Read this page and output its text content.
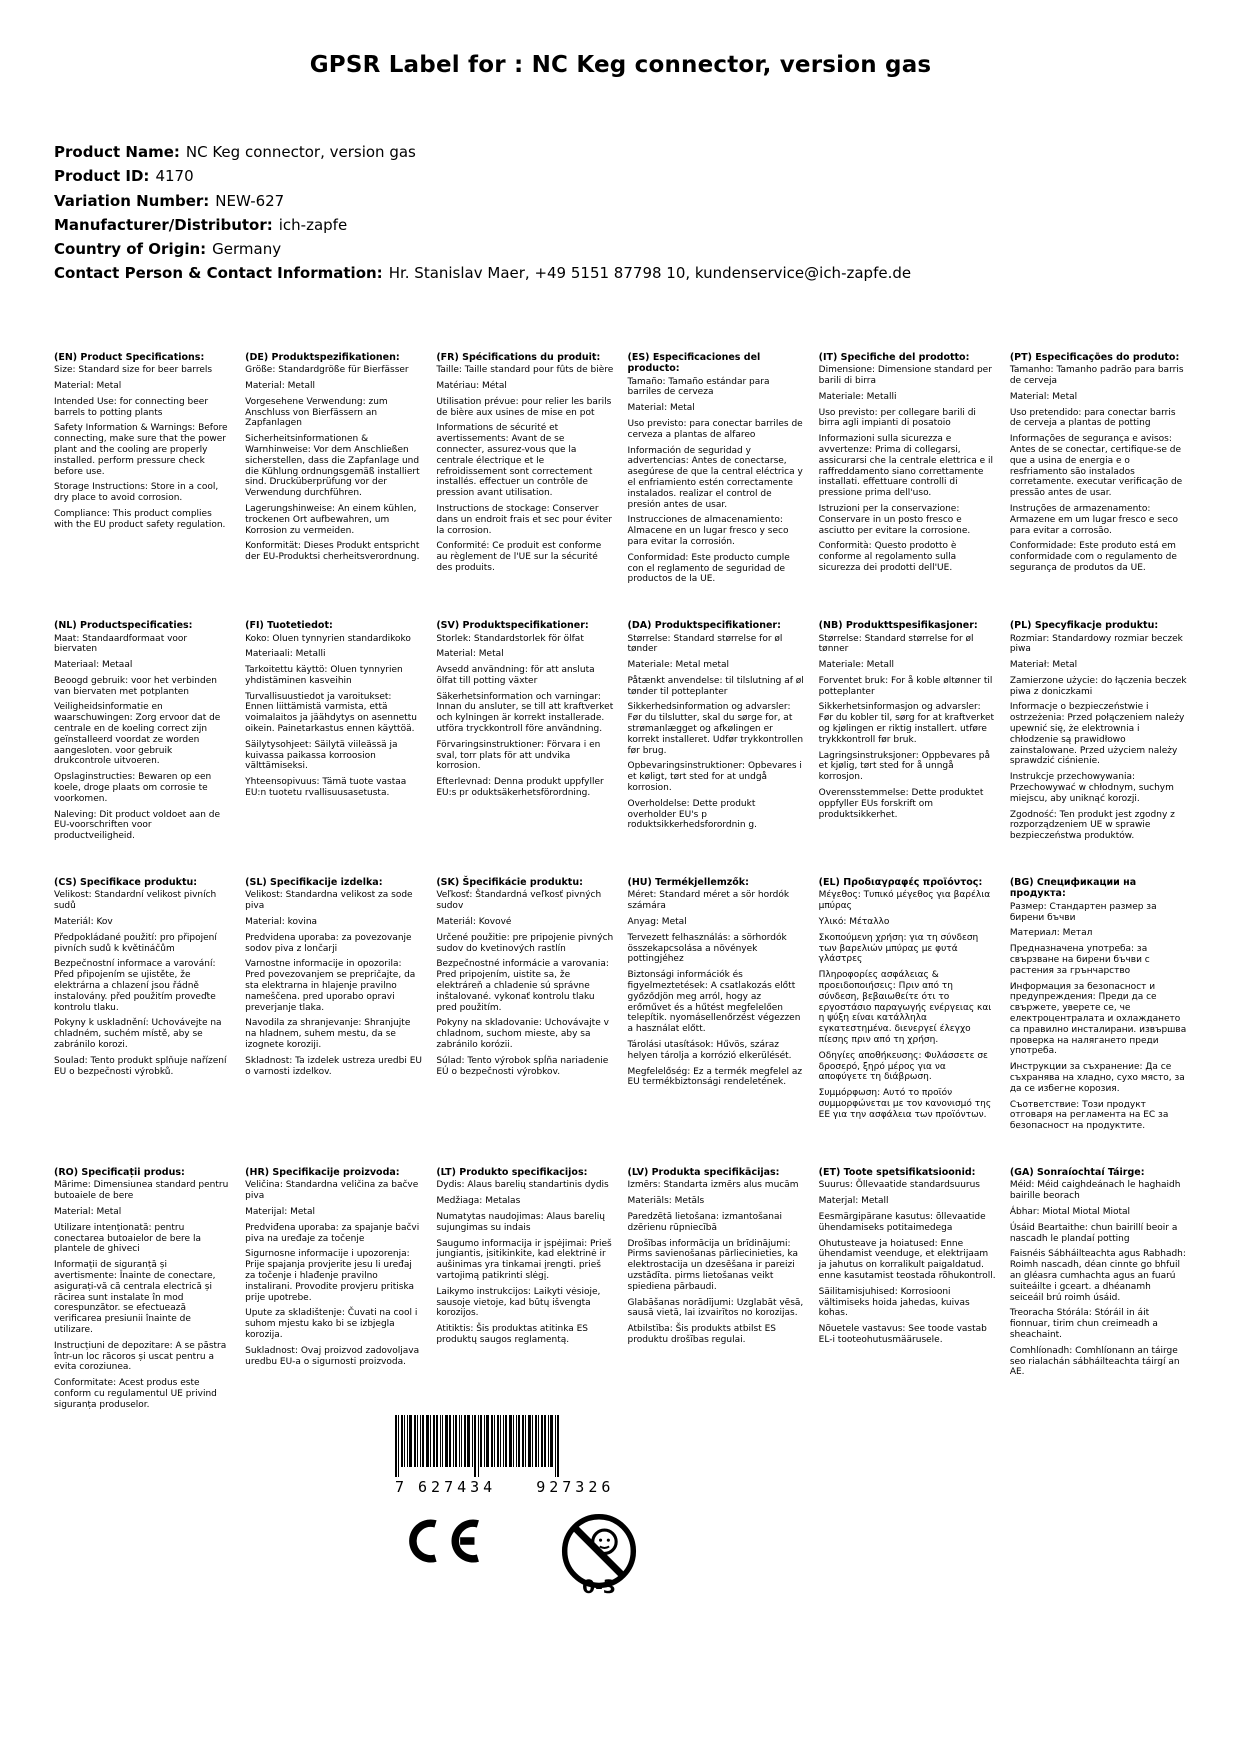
GPSR Label for : NC Keg connector, version gas
Product Name: NC Keg connector, version gas
Product ID: 4170
Variation Number: NEW-627
Manufacturer/Distributor: ich-zapfe
Country of Origin: Germany
Contact Person & Contact Information: Hr. Stanislav Maer, +49 5151 87798 10, kundenservice@ich-zapfe.de
(EN) Product Specifications:

Size: Standard size for beer barrels

Material: Metal

Intended Use: for connecting beer barrels to potting plants

Safety Information & Warnings: Before connecting, make sure that the power plant and the cooling are properly installed. perform pressure check before use.

Storage Instructions: Store in a cool, dry place to avoid corrosion.

Compliance: This product complies with the EU product safety regulation.

(DE) Produktspezifikationen:

Größe: Standardgröße für Bierfässer

Material: Metall

Vorgesehene Verwendung: zum Anschluss von Bierfässern an Zapfanlagen

Sicherheitsinformationen & Warnhinweise: Vor dem Anschließen sicherstellen, dass die Zapfanlage und die Kühlung ordnungsgemäß installiert sind. Drucküberprüfung vor der Verwendung durchführen.

Lagerungshinweise: An einem kühlen, trockenen Ort aufbewahren, um Korrosion zu vermeiden.

Konformität: Dieses Produkt entspricht der EU-Produktsi cherheitsverordnung.

(FR) Spécifications du produit:

Taille: Taille standard pour fûts de bière

Matériau: Métal

Utilisation prévue: pour relier les barils de bière aux usines de mise en pot

Informations de sécurité et avertissements: Avant de se connecter, assurez-vous que la centrale électrique et le refroidissement sont correctement installés. effectuer un contrôle de pression avant utilisation.

Instructions de stockage: Conserver dans un endroit frais et sec pour éviter la corrosion.

Conformité: Ce produit est conforme au règlement de l'UE sur la sécurité des produits.

(ES) Especificaciones del producto:

Tamaño: Tamaño estándar para barriles de cerveza

Material: Metal

Uso previsto: para conectar barriles de cerveza a plantas de alfareo

Información de seguridad y advertencias: Antes de conectarse, asegúrese de que la central eléctrica y el enfriamiento estén correctamente instalados. realizar el control de presión antes de usar.

Instrucciones de almacenamiento: Almacene en un lugar fresco y seco para evitar la corrosión.

Conformidad: Este producto cumple con el reglamento de seguridad de productos de la UE.

(IT) Specifiche del prodotto:

Dimensione: Dimensione standard per barili di birra

Materiale: Metalli

Uso previsto: per collegare barili di birra agli impianti di posatoio

Informazioni sulla sicurezza e avvertenze: Prima di collegarsi, assicurarsi che la centrale elettrica e il raffreddamento siano correttamente installati. effettuare controlli di pressione prima dell'uso.

Istruzioni per la conservazione: Conservare in un posto fresco e asciutto per evitare la corrosione.

Conformità: Questo prodotto è conforme al regolamento sulla sicurezza dei prodotti dell'UE.

(PT) Especificações do produto:

Tamanho: Tamanho padrão para barris de cerveja

Material: Metal

Uso pretendido: para conectar barris de cerveja a plantas de potting

Informações de segurança e avisos: Antes de se conectar, certifique-se de que a usina de energia e o resfriamento são instalados corretamente. executar verificação de pressão antes de usar.

Instruções de armazenamento: Armazene em um lugar fresco e seco para evitar a corrosão.

Conformidade: Este produto está em conformidade com o regulamento de segurança de produtos da UE.

(NL) Productspecificaties:

Maat: Standaardformaat voor biervaten

Materiaal: Metaal

Beoogd gebruik: voor het verbinden van biervaten met potplanten

Veiligheidsinformatie en waarschuwingen: Zorg ervoor dat de centrale en de koeling correct zijn geïnstalleerd voordat ze worden aangesloten. voor gebruik drukcontrole uitvoeren.

Opslaginstructies: Bewaren op een koele, droge plaats om corrosie te voorkomen.

Naleving: Dit product voldoet aan de EU-voorschriften voor productveiligheid.

(FI) Tuotetiedot:

Koko: Oluen tynnyrien standardikoko

Materiaali: Metalli

Tarkoitettu käyttö: Oluen tynnyrien yhdistäminen kasveihin

Turvallisuustiedot ja varoitukset: Ennen liittämistä varmista, että voimalaitos ja jäähdytys on asennettu oikein. Painetarkastus ennen käyttöä.

Säilytysohjeet: Säilytä viileässä ja kuivassa paikassa korroosion välttämiseksi.

Yhteensopivuus: Tämä tuote vastaa EU:n tuotetu rvallisuusasetusta.

(SV) Produktspecifikationer:

Storlek: Standardstorlek för ölfat

Material: Metal

Avsedd användning: för att ansluta ölfat till potting växter

Säkerhetsinformation och varningar: Innan du ansluter, se till att kraftverket och kylningen är korrekt installerade. utföra tryckkontroll före användning.

Förvaringsinstruktioner: Förvara i en sval, torr plats för att undvika korrosion.

Efterlevnad: Denna produkt uppfyller EU:s pr oduktsäkerhetsförordning.

(DA) Produktspecifikationer:

Størrelse: Standard størrelse for øl tønder

Materiale: Metal metal

Påtænkt anvendelse: til tilslutning af øl tønder til potteplanter

Sikkerhedsinformation og advarsler: Før du tilslutter, skal du sørge for, at strømanlægget og afkølingen er korrekt installeret. Udfør trykkontrollen før brug.

Opbevaringsinstruktioner: Opbevares i et køligt, tørt sted for at undgå korrosion.

Overholdelse: Dette produkt overholder EU's p roduktsikkerhedsforordnin g.

(NB) Produkttspesifikasjoner:

Størrelse: Standard størrelse for øl tønner

Materiale: Metall

Forventet bruk: For å koble øltønner til potteplanter

Sikkerhetsinformasjon og advarsler: Før du kobler til, sørg for at kraftverket og kjølingen er riktig installert. utføre trykkkontroll før bruk.

Lagringsinstruksjoner: Oppbevares på et kjølig, tørt sted for å unngå korrosjon.

Overensstemmelse: Dette produktet oppfyller EUs forskrift om produktsikkerhet.

(PL) Specyfikacje produktu:

Rozmiar: Standardowy rozmiar beczek piwa

Materiał: Metal

Zamierzone użycie: do łączenia beczek piwa z doniczkami

Informacje o bezpieczeństwie i ostrzeżenia: Przed połączeniem należy upewnić się, że elektrownia i chłodzenie są prawidłowo zainstalowane. Przed użyciem należy sprawdzić ciśnienie.

Instrukcje przechowywania: Przechowywać w chłodnym, suchym miejscu, aby uniknąć korozji.

Zgodność: Ten produkt jest zgodny z rozporządzeniem UE w sprawie bezpieczeństwa produktów.

(CS) Specifikace produktu:

Velikost: Standardní velikost pivních sudů

Materiál: Kov

Předpokládané použití: pro připojení pivních sudů k květináčům

Bezpečnostní informace a varování: Před připojením se ujistěte, že elektrárna a chlazení jsou řádně instalovány. před použitím proveďte kontrolu tlaku.

Pokyny k uskladnění: Uchovávejte na chladném, suchém místě, aby se zabránilo korozi.

Soulad: Tento produkt splňuje nařízení EU o bezpečnosti výrobků.

(SL) Specifikacije izdelka:

Velikost: Standardna velikost za sode piva

Material: kovina

Predvidena uporaba: za povezovanje sodov piva z lončarji

Varnostne informacije in opozorila: Pred povezovanjem se prepričajte, da sta elektrarna in hlajenje pravilno nameščena. pred uporabo opravi preverjanje tlaka.

Navodila za shranjevanje: Shranjujte na hladnem, suhem mestu, da se izognete koroziji.

Skladnost: Ta izdelek ustreza uredbi EU o varnosti izdelkov.

(SK) Špecifikácie produktu:

Veľkosť: Štandardná veľkosť pivných sudov

Materiál: Kovové

Určené použitie: pre pripojenie pivných sudov do kvetinových rastlín

Bezpečnostné informácie a varovania: Pred pripojením, uistite sa, že elektráreň a chladenie sú správne inštalované. vykonať kontrolu tlaku pred použitím.

Pokyny na skladovanie: Uchovávajte v chladnom, suchom mieste, aby sa zabránilo korózii.

Súlad: Tento výrobok spĺňa nariadenie EÚ o bezpečnosti výrobkov.

(HU) Termékjellemzők:

Méret: Standard méret a sör hordók számára

Anyag: Metal

Tervezett felhasználás: a sörhordók összekapcsolása a növények pottingjéhez

Biztonsági információk és figyelmeztetések: A csatlakozás előtt győződjön meg arról, hogy az erőművet és a hűtést megfelelően telepítik. nyomásellenőrzést végezzen a használat előtt.

Tárolási utasítások: Hűvös, száraz helyen tárolja a korrózió elkerülését.

Megfelelőség: Ez a termék megfelel az EU termékbiztonsági rendeletének.

(EL) Προδιαγραφές προϊόντος:

Μέγεθος: Τυπικό μέγεθος για βαρέλια μπύρας

Υλικό: Μέταλλο

Σκοπούμενη χρήση: για τη σύνδεση των βαρελιών μπύρας με φυτά γλάστρες

Πληροφορίες ασφάλειας & προειδοποιήσεις: Πριν από τη σύνδεση, βεβαιωθείτε ότι το εργοστάσιο παραγωγής ενέργειας και η ψύξη είναι κατάλληλα εγκατεστημένα. διενεργεί έλεγχο πίεσης πριν από τη χρήση.

Οδηγίες αποθήκευσης: Φυλάσσετε σε δροσερό, ξηρό μέρος για να αποφύγετε τη διάβρωση.

Συμμόρφωση: Αυτό το προϊόν συμμορφώνεται με τον κανονισμό της ΕΕ για την ασφάλεια των προϊόντων.

(BG) Спецификации на продукта:

Размер: Стандартен размер за бирени бъчви

Материал: Метал

Предназначена употреба: за свързване на бирени бъчви с растения за грънчарство

Информация за безопасност и предупреждения: Преди да се свържете, уверете се, че електроцентралата и охлаждането са правилно инсталирани. извършва проверка на налягането преди употреба.

Инструкции за съхранение: Да се съхранява на хладно, сухо място, за да се избегне корозия.

Съответствие: Този продукт отговаря на регламента на ЕС за безопасност на продуктите.

(RO) Specificații produs:

Mărime: Dimensiunea standard pentru butoaiele de bere

Material: Metal

Utilizare intenționată: pentru conectarea butoaielor de bere la plantele de ghiveci

Informații de siguranță și avertismente: Înainte de conectare, asigurați-vă că centrala electrică și răcirea sunt instalate în mod corespunzător. se efectuează verificarea presiunii înainte de utilizare.

Instrucțiuni de depozitare: A se păstra într-un loc răcoros și uscat pentru a evita coroziunea.

Conformitate: Acest produs este conform cu regulamentul UE privind siguranța produselor.

(HR) Specifikacije proizvoda:

Veličina: Standardna veličina za bačve piva

Materijal: Metal

Predviđena uporaba: za spajanje bačvi piva na uređaje za točenje

Sigurnosne informacije i upozorenja: Prije spajanja provjerite jesu li uređaj za točenje i hlađenje pravilno instalirani. Provodite provjeru pritiska prije upotrebe.

Upute za skladištenje: Čuvati na cool i suhom mjestu kako bi se izbjegla korozija.

Sukladnost: Ovaj proizvod zadovoljava uredbu EU-a o sigurnosti proizvoda.

(LT) Produkto specifikacijos:

Dydis: Alaus barelių standartinis dydis

Medžiaga: Metalas

Numatytas naudojimas: Alaus barelių sujungimas su indais

Saugumo informacija ir įspėjimai: Prieš jungiantis, įsitikinkite, kad elektrinė ir aušinimas yra tinkamai įrengti. prieš vartojimą patikrinti slėgį.

Laikymo instrukcijos: Laikyti vėsioje, sausoje vietoje, kad būtų išvengta korozijos.

Atitiktis: Šis produktas atitinka ES produktų saugos reglamentą.

(LV) Produkta specifikācijas:

Izmērs: Standarta izmērs alus mucām

Materiāls: Metāls

Paredzētā lietošana: izmantošanai dzērienu rūpniecībā

Drošības informācija un brīdinājumi: Pirms savienošanas pārliecinieties, ka elektrostacija un dzesēšana ir pareizi uzstādīta. pirms lietošanas veikt spiediena pārbaudi.

Glabāšanas norādījumi: Uzglabāt vēsā, sausā vietā, lai izvairītos no korozijas.

Atbilstība: Šis produkts atbilst ES produktu drošības regulai.

(ET) Toote spetsifikatsioonid:

Suurus: Õllevaatide standardsuurus

Materjal: Metall

Eesmärgipärane kasutus: õllevaatide ühendamiseks potitaimedega

Ohutusteave ja hoiatused: Enne ühendamist veenduge, et elektrijaam ja jahutus on korralikult paigaldatud. enne kasutamist teostada rõhukontroll.

Säilitamisjuhised: Korrosiooni vältimiseks hoida jahedas, kuivas kohas.

Nõuetele vastavus: See toode vastab EL-i tooteohutusmäärusele.

(GA) Sonraíochtaí Táirge:

Méid: Méid caighdeánach le haghaidh bairille beorach

Ábhar: Miotal Miotal Miotal

Úsáid Beartaithe: chun bairillí beoir a nascadh le plandaí potting

Faisnéis Sábháilteachta agus Rabhadh: Roimh nascadh, déan cinnte go bhfuil an gléasra cumhachta agus an fuarú suiteáilte i gceart. a dhéanamh seiceáil brú roimh úsáid.

Treoracha Stórála: Stóráil in áit fionnuar, tirim chun creimeadh a sheachaint.

Comhlíonadh: Comhlíonann an táirge seo rialachán sábháilteachta táirgí an AE.

7 627434	927326
0-3
